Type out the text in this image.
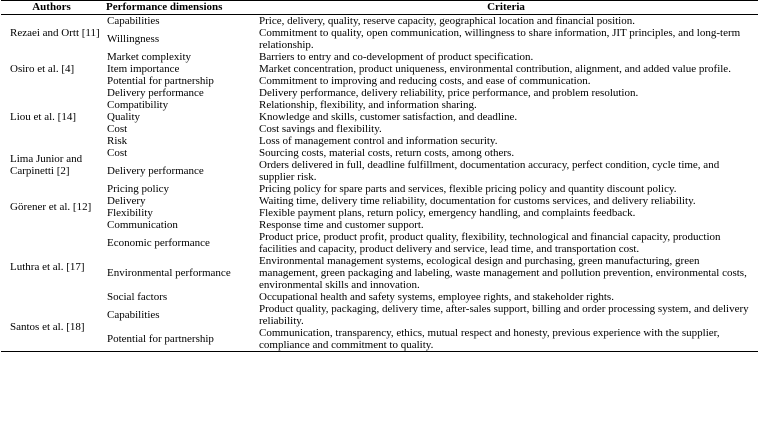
Authors	Performance dimensions	Criteria
Rezaei and Ortt [11]	Capabilities	Price, delivery, quality, reserve capacity, geographical location and financial position.
	Willingness	Commitment to quality, open communication, willingness to share information, JIT principles, and long-term relationship.
Osiro et al. [4]	Market complexity	Barriers to entry and co-development of product specification.
	Item importance	Market concentration, product uniqueness, environmental contribution, alignment, and added value profile.
	Potential for partnership	Commitment to improving and reducing costs, and ease of communication.
Liou et al. [14]	Delivery performance	Delivery performance, delivery reliability, price performance, and problem resolution.
	Compatibility	Relationship, flexibility, and information sharing.
	Quality	Knowledge and skills, customer satisfaction, and deadline.
	Cost	Cost savings and flexibility.
	Risk	Loss of management control and information security.
Lima Junior and Carpinetti [2]	Cost	Sourcing costs, material costs, return costs, among others.
	Delivery performance	Orders delivered in full, deadline fulfillment, documentation accuracy, perfect condition, cycle time, and supplier risk.
Görener et al. [12]	Pricing policy	Pricing policy for spare parts and services, flexible pricing policy and quantity discount policy.
	Delivery	Waiting time, delivery time reliability, documentation for customs services, and delivery reliability.
	Flexibility	Flexible payment plans, return policy, emergency handling, and complaints feedback.
	Communication	Response time and customer support.
Luthra et al. [17]	Economic performance	Product price, product profit, product quality, flexibility, technological and financial capacity, production facilities and capacity, product delivery and service, lead time, and transportation cost.
	Environmental performance	Environmental management systems, ecological design and purchasing, green manufacturing, green management, green packaging and labeling, waste management and pollution prevention, environmental costs, environmental skills and innovation.
	Social factors	Occupational health and safety systems, employee rights, and stakeholder rights.
Santos et al. [18]	Capabilities	Product quality, packaging, delivery time, after-sales support, billing and order processing system, and delivery reliability.
	Potential for partnership	Communication, transparency, ethics, mutual respect and honesty, previous experience with the supplier, compliance and commitment to quality.
